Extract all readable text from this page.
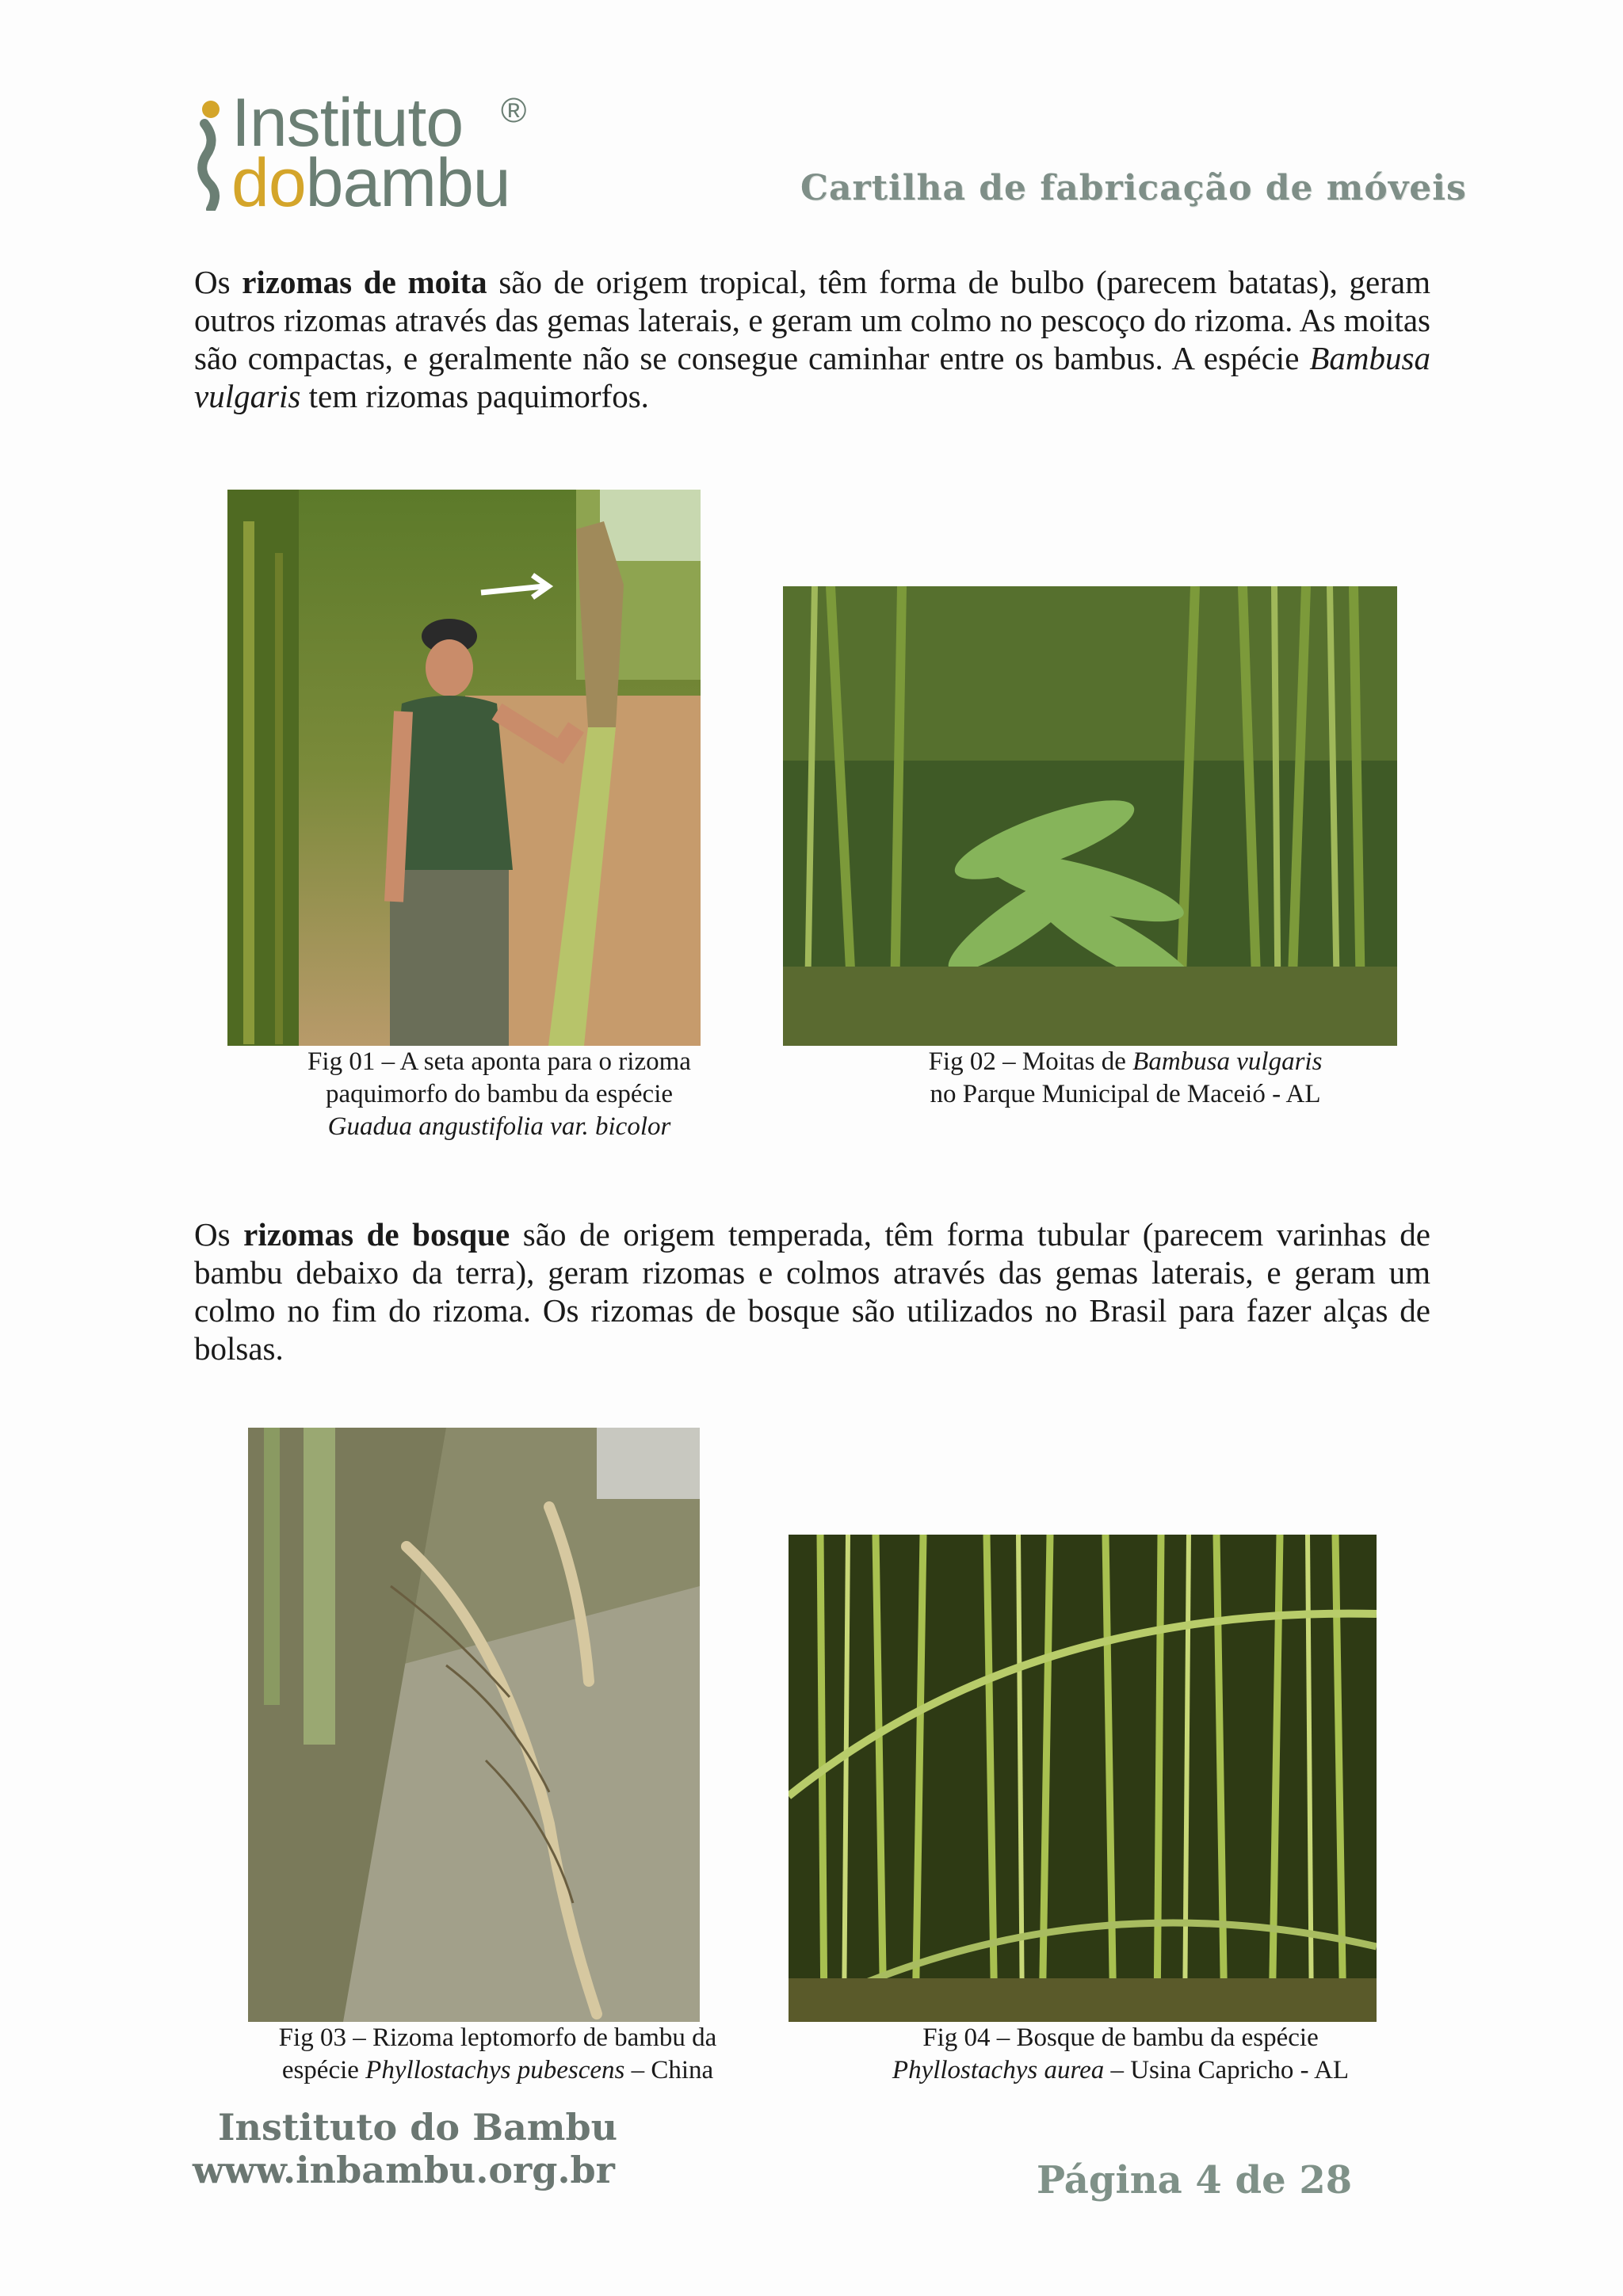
Instituto ®
dobambu	Cartilha de fabricação de móveis

Os rizomas de moita são de origem tropical, têm forma de bulbo (parecem batatas), geram outros rizomas através das gemas laterais, e geram um colmo no pescoço do rizoma. As moitas são compactas, e geralmente não se consegue caminhar entre os bambus. A espécie Bambusa vulgaris tem rizomas paquimorfos.

Fig 01 – A seta aponta para o rizoma
paquimorfo do bambu da espécie
Guadua angustifolia var. bicolor
Fig 02 – Moitas de Bambusa vulgaris
no Parque Municipal de Maceió - AL

Os rizomas de bosque são de origem temperada, têm forma tubular (parecem varinhas de bambu debaixo da terra), geram rizomas e colmos através das gemas laterais, e geram um colmo no fim do rizoma. Os rizomas de bosque são utilizados no Brasil para fazer alças de bolsas.

Fig 03 – Rizoma leptomorfo de bambu da
espécie Phyllostachys pubescens – China
Fig 04 – Bosque de bambu da espécie
Phyllostachys aurea – Usina Capricho - AL
Instituto do Bambu
www.inbambu.org.br	Página 4 de 28
